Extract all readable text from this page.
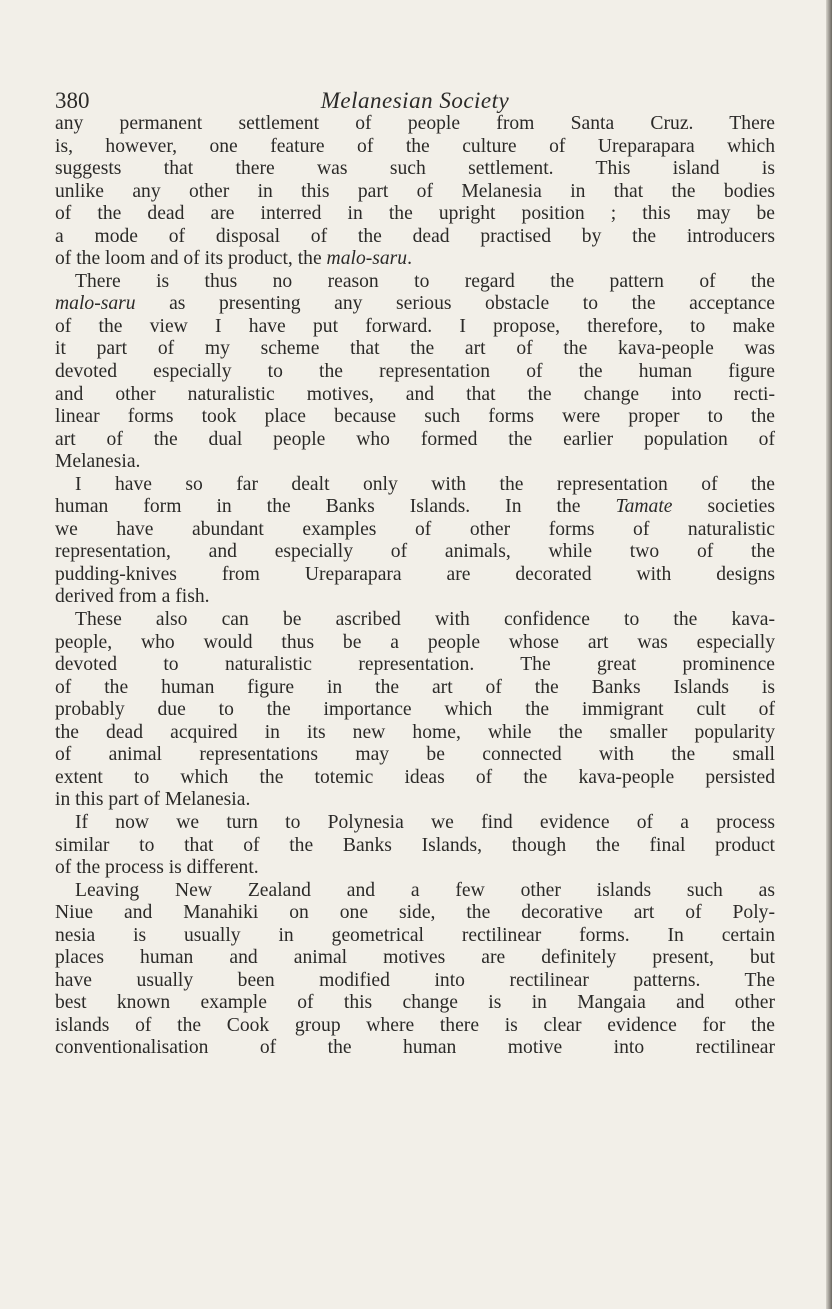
380	Melanesian Society
any permanent settlement of people from Santa Cruz. There
is, however, one feature of the culture of Ureparapara which
suggests that there was such settlement. This island is
unlike any other in this part of Melanesia in that the bodies
of the dead are interred in the upright position ; this may be
a mode of disposal of the dead practised by the introducers
of the loom and of its product, the malo-saru.
There is thus no reason to regard the pattern of the
malo-saru as presenting any serious obstacle to the acceptance
of the view I have put forward. I propose, therefore, to make
it part of my scheme that the art of the kava-people was
devoted especially to the representation of the human figure
and other naturalistic motives, and that the change into recti-
linear forms took place because such forms were proper to the
art of the dual people who formed the earlier population of
Melanesia.
I have so far dealt only with the representation of the
human form in the Banks Islands. In the Tamate societies
we have abundant examples of other forms of naturalistic
representation, and especially of animals, while two of the
pudding-knives from Ureparapara are decorated with designs
derived from a fish.
These also can be ascribed with confidence to the kava-
people, who would thus be a people whose art was especially
devoted to naturalistic representation. The great prominence
of the human figure in the art of the Banks Islands is
probably due to the importance which the immigrant cult of
the dead acquired in its new home, while the smaller popularity
of animal representations may be connected with the small
extent to which the totemic ideas of the kava-people persisted
in this part of Melanesia.
If now we turn to Polynesia we find evidence of a process
similar to that of the Banks Islands, though the final product
of the process is different.
Leaving New Zealand and a few other islands such as
Niue and Manahiki on one side, the decorative art of Poly-
nesia is usually in geometrical rectilinear forms. In certain
places human and animal motives are definitely present, but
have usually been modified into rectilinear patterns. The
best known example of this change is in Mangaia and other
islands of the Cook group where there is clear evidence for the
conventionalisation of the human motive into rectilinear
